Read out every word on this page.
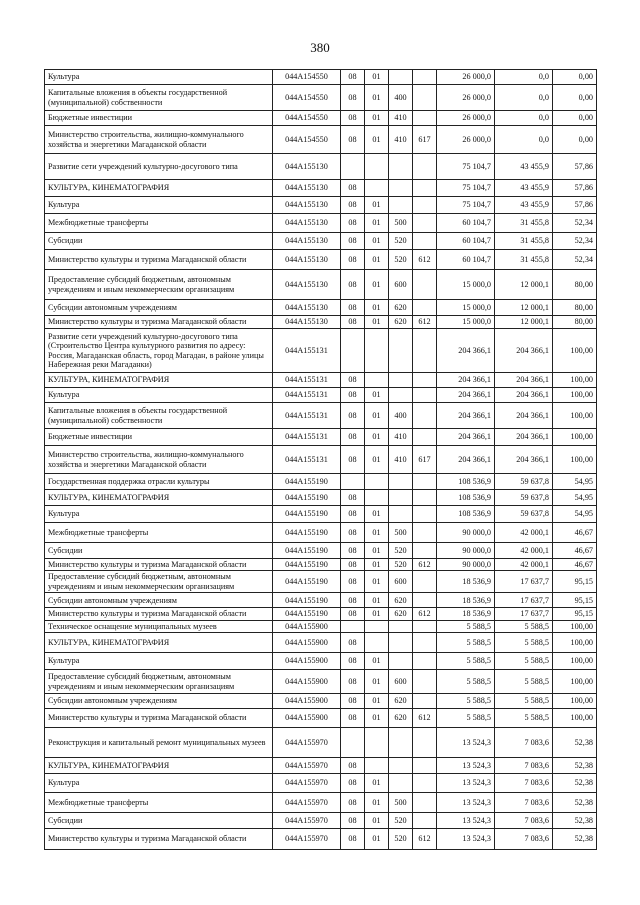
380
Культура	044A154550	08	01			26 000,0	0,0	0,00
Капитальные вложения в объекты государственной (муниципальной) собственности	044A154550	08	01	400		26 000,0	0,0	0,00
Бюджетные инвестиции	044A154550	08	01	410		26 000,0	0,0	0,00
Министерство строительства, жилищно-коммунального хозяйства и энергетики Магаданской области	044A154550	08	01	410	617	26 000,0	0,0	0,00
Развитие сети учреждений культурно-досугового типа	044A155130					75 104,7	43 455,9	57,86
КУЛЬТУРА, КИНЕМАТОГРАФИЯ	044A155130	08				75 104,7	43 455,9	57,86
Культура	044A155130	08	01			75 104,7	43 455,9	57,86
Межбюджетные трансферты	044A155130	08	01	500		60 104,7	31 455,8	52,34
Субсидии	044A155130	08	01	520		60 104,7	31 455,8	52,34
Министерство культуры и туризма Магаданской области	044A155130	08	01	520	612	60 104,7	31 455,8	52,34
Предоставление субсидий бюджетным, автономным учреждениям и иным некоммерческим организациям	044A155130	08	01	600		15 000,0	12 000,1	80,00
Субсидии автономным учреждениям	044A155130	08	01	620		15 000,0	12 000,1	80,00
Министерство культуры и туризма Магаданской области	044A155130	08	01	620	612	15 000,0	12 000,1	80,00
Развитие сети учреждений культурно-досугового типа (Строительство Центра культурного развития по адресу: Россия, Магаданская область, город Магадан, в районе улицы Набережная реки Магаданки)	044A155131					204 366,1	204 366,1	100,00
КУЛЬТУРА, КИНЕМАТОГРАФИЯ	044A155131	08				204 366,1	204 366,1	100,00
Культура	044A155131	08	01			204 366,1	204 366,1	100,00
Капитальные вложения в объекты государственной (муниципальной) собственности	044A155131	08	01	400		204 366,1	204 366,1	100,00
Бюджетные инвестиции	044A155131	08	01	410		204 366,1	204 366,1	100,00
Министерство строительства, жилищно-коммунального хозяйства и энергетики Магаданской области	044A155131	08	01	410	617	204 366,1	204 366,1	100,00
Государственная поддержка отрасли культуры	044A155190					108 536,9	59 637,8	54,95
КУЛЬТУРА, КИНЕМАТОГРАФИЯ	044A155190	08				108 536,9	59 637,8	54,95
Культура	044A155190	08	01			108 536,9	59 637,8	54,95
Межбюджетные трансферты	044A155190	08	01	500		90 000,0	42 000,1	46,67
Субсидии	044A155190	08	01	520		90 000,0	42 000,1	46,67
Министерство культуры и туризма Магаданской области	044A155190	08	01	520	612	90 000,0	42 000,1	46,67
Предоставление субсидий бюджетным, автономным учреждениям и иным некоммерческим организациям	044A155190	08	01	600		18 536,9	17 637,7	95,15
Субсидии автономным учреждениям	044A155190	08	01	620		18 536,9	17 637,7	95,15
Министерство культуры и туризма Магаданской области	044A155190	08	01	620	612	18 536,9	17 637,7	95,15
Техническое оснащение муниципальных музеев	044A155900					5 588,5	5 588,5	100,00
КУЛЬТУРА, КИНЕМАТОГРАФИЯ	044A155900	08				5 588,5	5 588,5	100,00
Культура	044A155900	08	01			5 588,5	5 588,5	100,00
Предоставление субсидий бюджетным, автономным учреждениям и иным некоммерческим организациям	044A155900	08	01	600		5 588,5	5 588,5	100,00
Субсидии автономным учреждениям	044A155900	08	01	620		5 588,5	5 588,5	100,00
Министерство культуры и туризма Магаданской области	044A155900	08	01	620	612	5 588,5	5 588,5	100,00
Реконструкция и капитальный ремонт муниципальных музеев	044A155970					13 524,3	7 083,6	52,38
КУЛЬТУРА, КИНЕМАТОГРАФИЯ	044A155970	08				13 524,3	7 083,6	52,38
Культура	044A155970	08	01			13 524,3	7 083,6	52,38
Межбюджетные трансферты	044A155970	08	01	500		13 524,3	7 083,6	52,38
Субсидии	044A155970	08	01	520		13 524,3	7 083,6	52,38
Министерство культуры и туризма Магаданской области	044A155970	08	01	520	612	13 524,3	7 083,6	52,38
